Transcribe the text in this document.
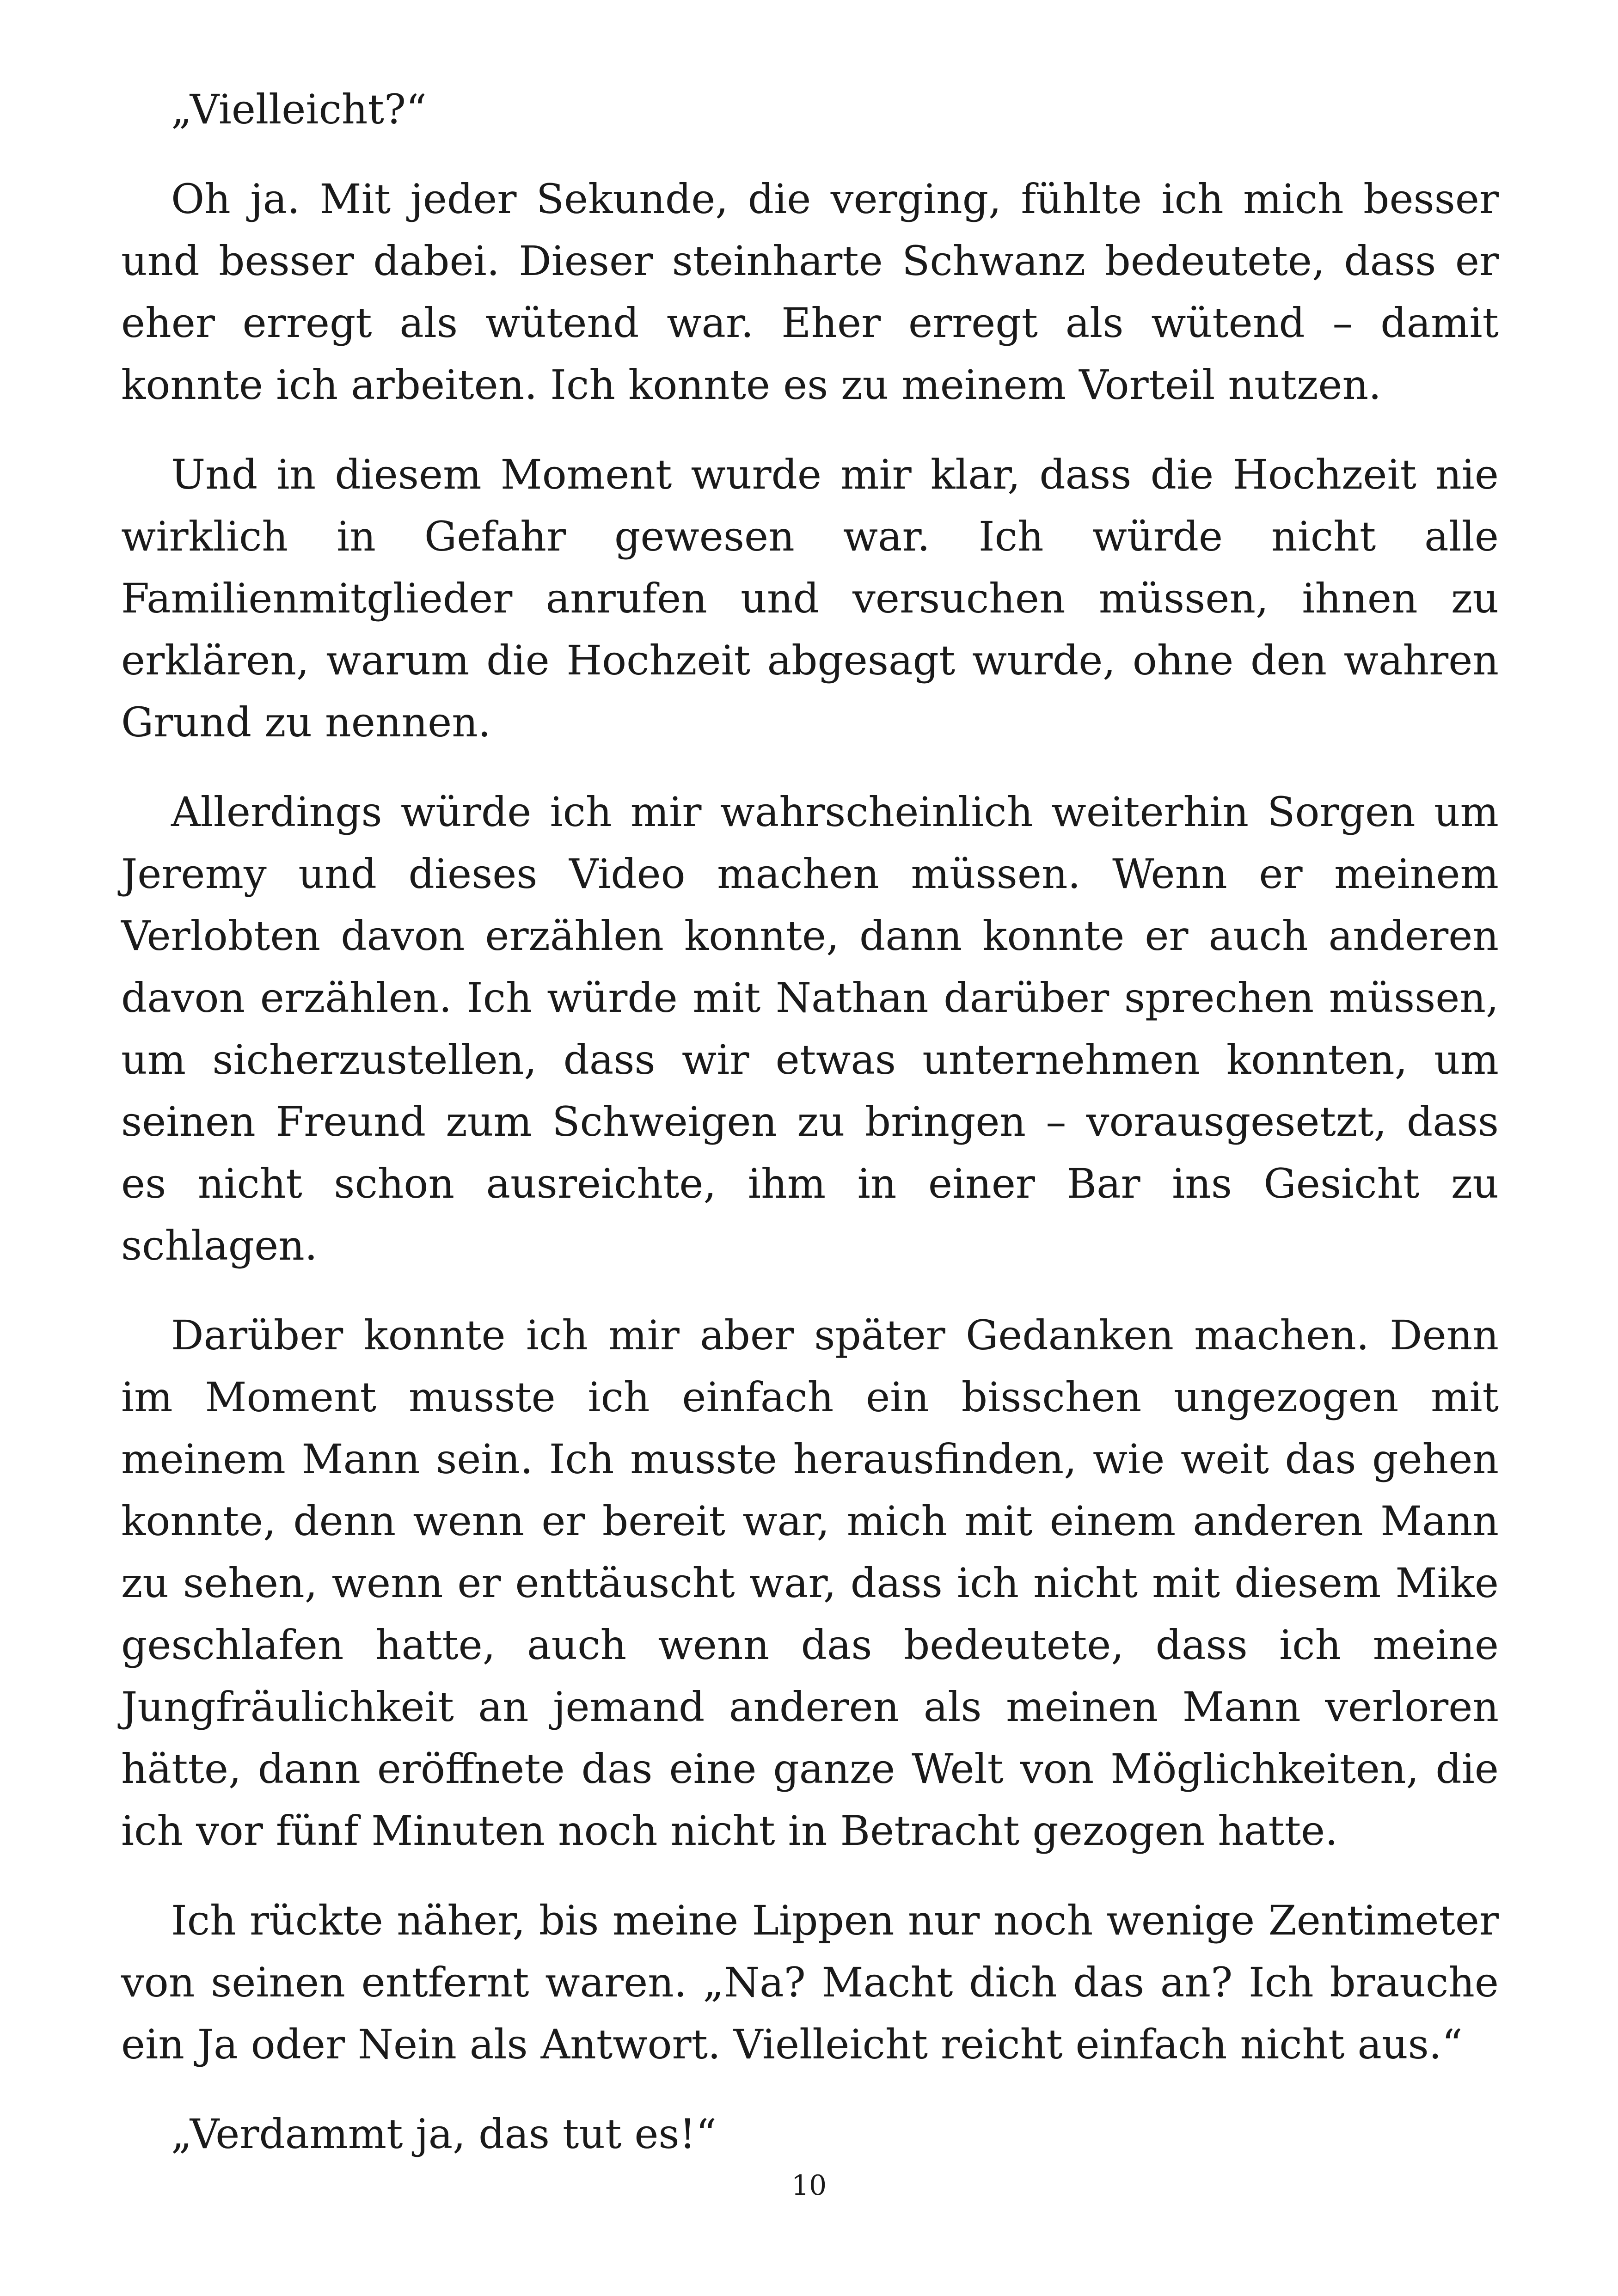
„Vielleicht?“

Oh ja. Mit jeder Sekunde, die verging, fühlte ich mich besser und besser dabei. Dieser steinharte Schwanz bedeutete, dass er eher erregt als wütend war. Eher erregt als wütend – damit konnte ich arbeiten. Ich konnte es zu meinem Vorteil nutzen.

Und in diesem Moment wurde mir klar, dass die Hochzeit nie wirklich in Gefahr gewesen war. Ich würde nicht alle Familienmitglieder anrufen und versuchen müssen, ihnen zu erklären, warum die Hochzeit abgesagt wurde, ohne den wahren Grund zu nennen.

Allerdings würde ich mir wahrscheinlich weiterhin Sorgen um Jeremy und dieses Video machen müssen. Wenn er meinem Verlobten davon erzählen konnte, dann konnte er auch anderen davon erzählen. Ich würde mit Nathan darüber sprechen müssen, um sicherzustellen, dass wir etwas unternehmen konnten, um seinen Freund zum Schweigen zu bringen – vorausgesetzt, dass es nicht schon ausreichte, ihm in einer Bar ins Gesicht zu schlagen.

Darüber konnte ich mir aber später Gedanken machen. Denn im Moment musste ich einfach ein bisschen ungezogen mit meinem Mann sein. Ich musste herausfinden, wie weit das gehen konnte, denn wenn er bereit war, mich mit einem anderen Mann zu sehen, wenn er enttäuscht war, dass ich nicht mit diesem Mike geschlafen hatte, auch wenn das bedeutete, dass ich meine Jungfräulichkeit an jemand anderen als meinen Mann verloren hätte, dann eröffnete das eine ganze Welt von Möglichkeiten, die ich vor fünf Minuten noch nicht in Betracht gezogen hatte.

Ich rückte näher, bis meine Lippen nur noch wenige Zentimeter von seinen entfernt waren. „Na? Macht dich das an? Ich brauche ein Ja oder Nein als Antwort. Vielleicht reicht einfach nicht aus.“

„Verdammt ja, das tut es!“

10
